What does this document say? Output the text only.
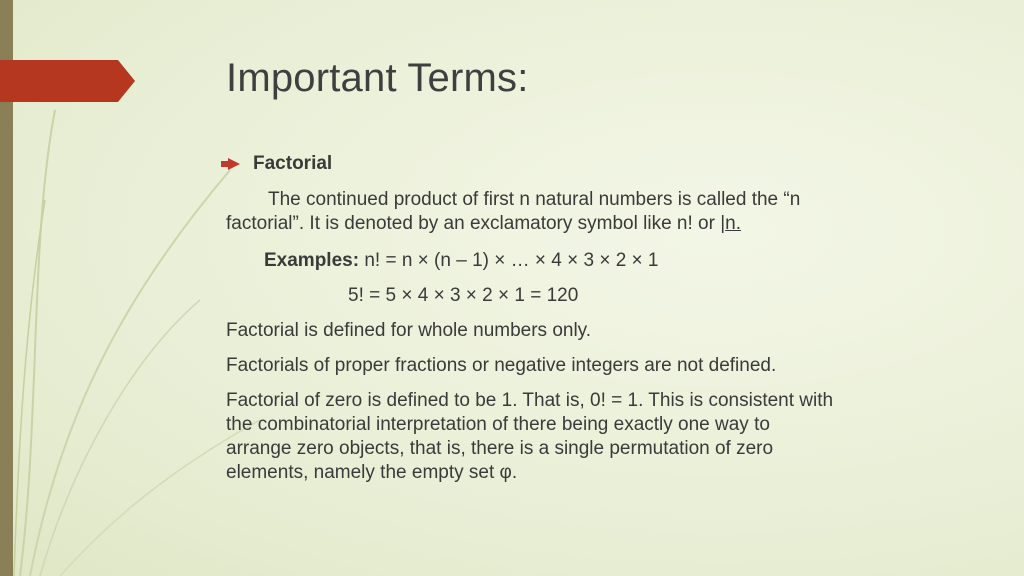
Important Terms:
Factorial

The continued product of first n natural numbers is called the “n
factorial”. It is denoted by an exclamatory symbol like n! or |n.

Examples: n! = n × (n – 1) × … × 4 × 3 × 2 × 1

5! = 5 × 4 × 3 × 2 × 1 = 120

Factorial is defined for whole numbers only.

Factorials of proper fractions or negative integers are not defined.

Factorial of zero is defined to be 1. That is, 0! = 1. This is consistent with
the combinatorial interpretation of there being exactly one way to
arrange zero objects, that is, there is a single permutation of zero
elements, namely the empty set φ.
